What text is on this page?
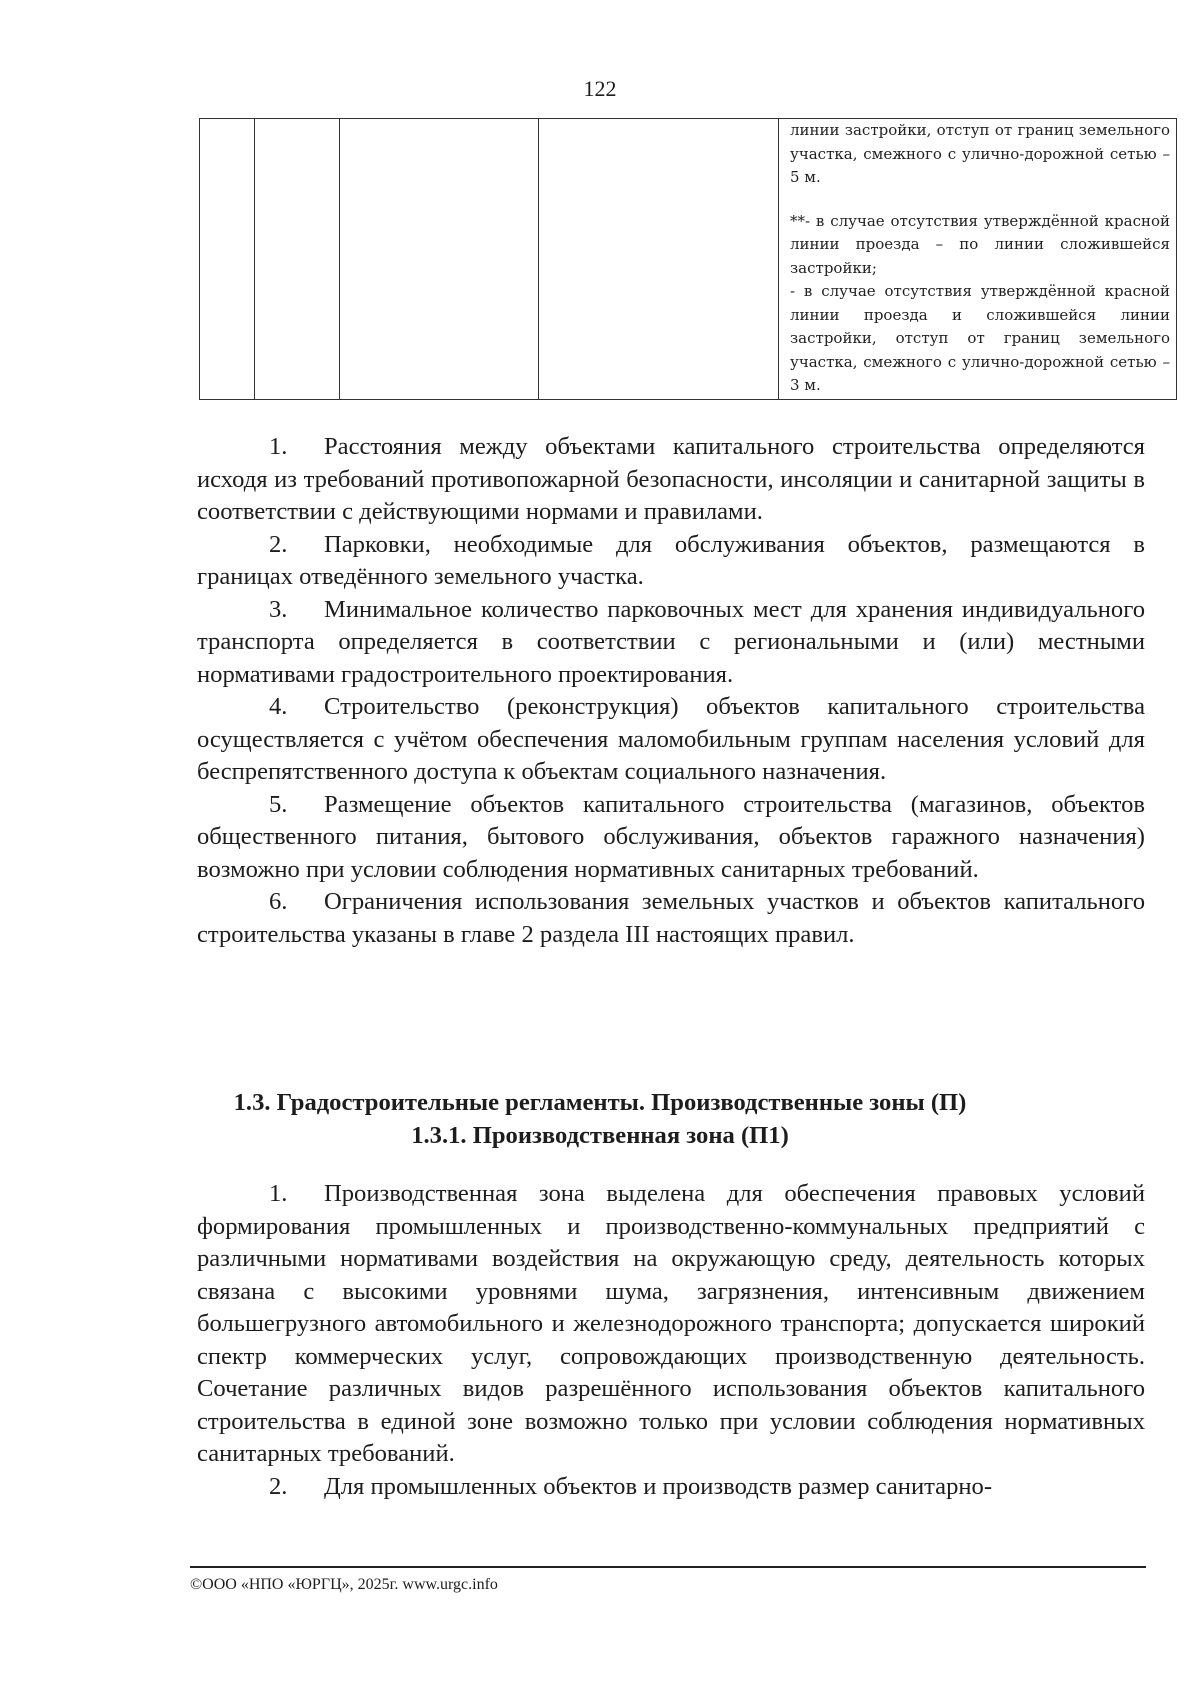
122

линии застройки, отступ от границ земельного участка, смежного с улично-дорожной сетью – 5 м.

**- в случае отсутствия утверждённой красной линии проезда – по линии сложившейся застройки;

- в случае отсутствия утверждённой красной линии проезда и сложившейся линии застройки, отступ от границ земельного участка, смежного с улично-дорожной сетью – 3 м.

1. Расстояния между объектами капитального строительства определяются исходя из требований противопожарной безопасности, инсоляции и санитарной защиты в соответствии с действующими нормами и правилами.

2. Парковки, необходимые для обслуживания объектов, размещаются в границах отведённого земельного участка.

3. Минимальное количество парковочных мест для хранения индивидуального транспорта определяется в соответствии с региональными и (или) местными нормативами градостроительного проектирования.

4. Строительство (реконструкция) объектов капитального строительства осуществляется с учётом обеспечения маломобильным группам населения условий для беспрепятственного доступа к объектам социального назначения.

5. Размещение объектов капитального строительства (магазинов, объектов общественного питания, бытового обслуживания, объектов гаражного назначения) возможно при условии соблюдения нормативных санитарных требований.

6. Ограничения использования земельных участков и объектов капитального строительства указаны в главе 2 раздела III настоящих правил.

1.3. Градостроительные регламенты. Производственные зоны (П)
1.3.1. Производственная зона (П1)

1. Производственная зона выделена для обеспечения правовых условий формирования промышленных и производственно-коммунальных предприятий с различными нормативами воздействия на окружающую среду, деятельность которых связана с высокими уровнями шума, загрязнения, интенсивным движением большегрузного автомобильного и железнодорожного транспорта; допускается широкий спектр коммерческих услуг, сопровождающих производственную деятельность. Сочетание различных видов разрешённого использования объектов капитального строительства в единой зоне возможно только при условии соблюдения нормативных санитарных требований.

2. Для промышленных объектов и производств размер санитарно-

©ООО «НПО «ЮРГЦ», 2025г. www.urgc.info
